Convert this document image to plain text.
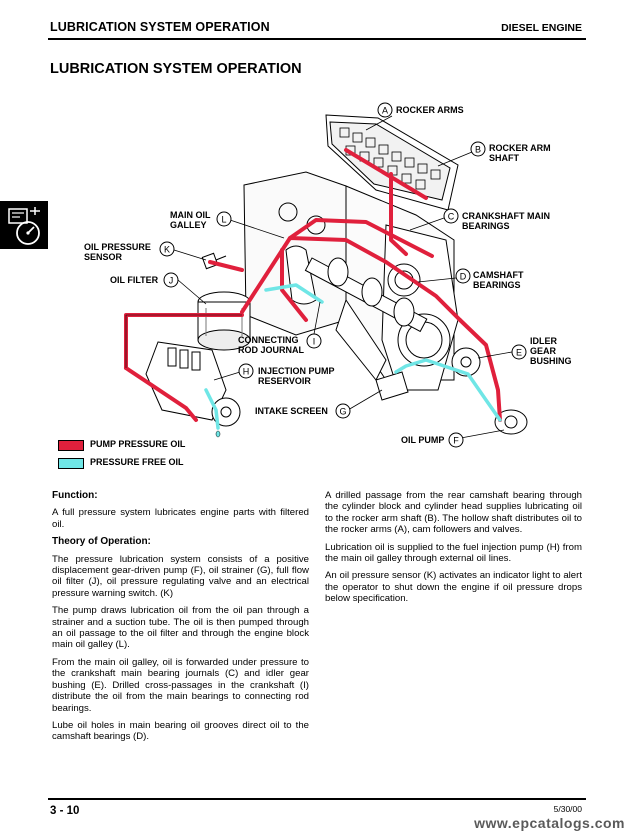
LUBRICATION SYSTEM OPERATION	DIESEL ENGINE
LUBRICATION SYSTEM OPERATION
A ROCKER ARMS
B ROCKER ARM
SHAFT
C CRANKSHAFT MAIN
BEARINGS
D CAMSHAFT
BEARINGS
E
IDLER
GEAR
BUSHING
F
OIL PUMP
G
INTAKE SCREEN
H INJECTION PUMP
RESERVOIR
I
CONNECTING
ROD JOURNAL
J
OIL FILTER
K
OIL PRESSURE
SENSOR
L
MAIN OIL
GALLEY
PUMP PRESSURE OIL
PRESSURE FREE OIL
Function:

A full pressure system lubricates engine parts with filtered oil.

Theory of Operation:

The pressure lubrication system consists of a positive displacement gear-driven pump (F), oil strainer (G), full flow oil filter (J), oil pressure regulating valve and an electrical pressure warning switch. (K)

The pump draws lubrication oil from the oil pan through a strainer and a suction tube. The oil is then pumped through an oil passage to the oil filter and through the engine block main oil galley (L).

From the main oil galley, oil is forwarded under pressure to the crankshaft main bearing journals (C) and idler gear bushing (E). Drilled cross-passages in the crankshaft (I) distribute the oil from the main bearings to connecting rod bearings.

Lube oil holes in main bearing oil grooves direct oil to the camshaft bearings (D).

A drilled passage from the rear camshaft bearing through the cylinder block and cylinder head supplies lubricating oil to the rocker arm shaft (B). The hollow shaft distributes oil to the rocker arms (A), cam followers and valves.

Lubrication oil is supplied to the fuel injection pump (H) from the main oil galley through external oil lines.

An oil pressure sensor (K) activates an indicator light to alert the operator to shut down the engine if oil pressure drops below specification.

3 - 10	5/30/00
www.epcatalogs.com
